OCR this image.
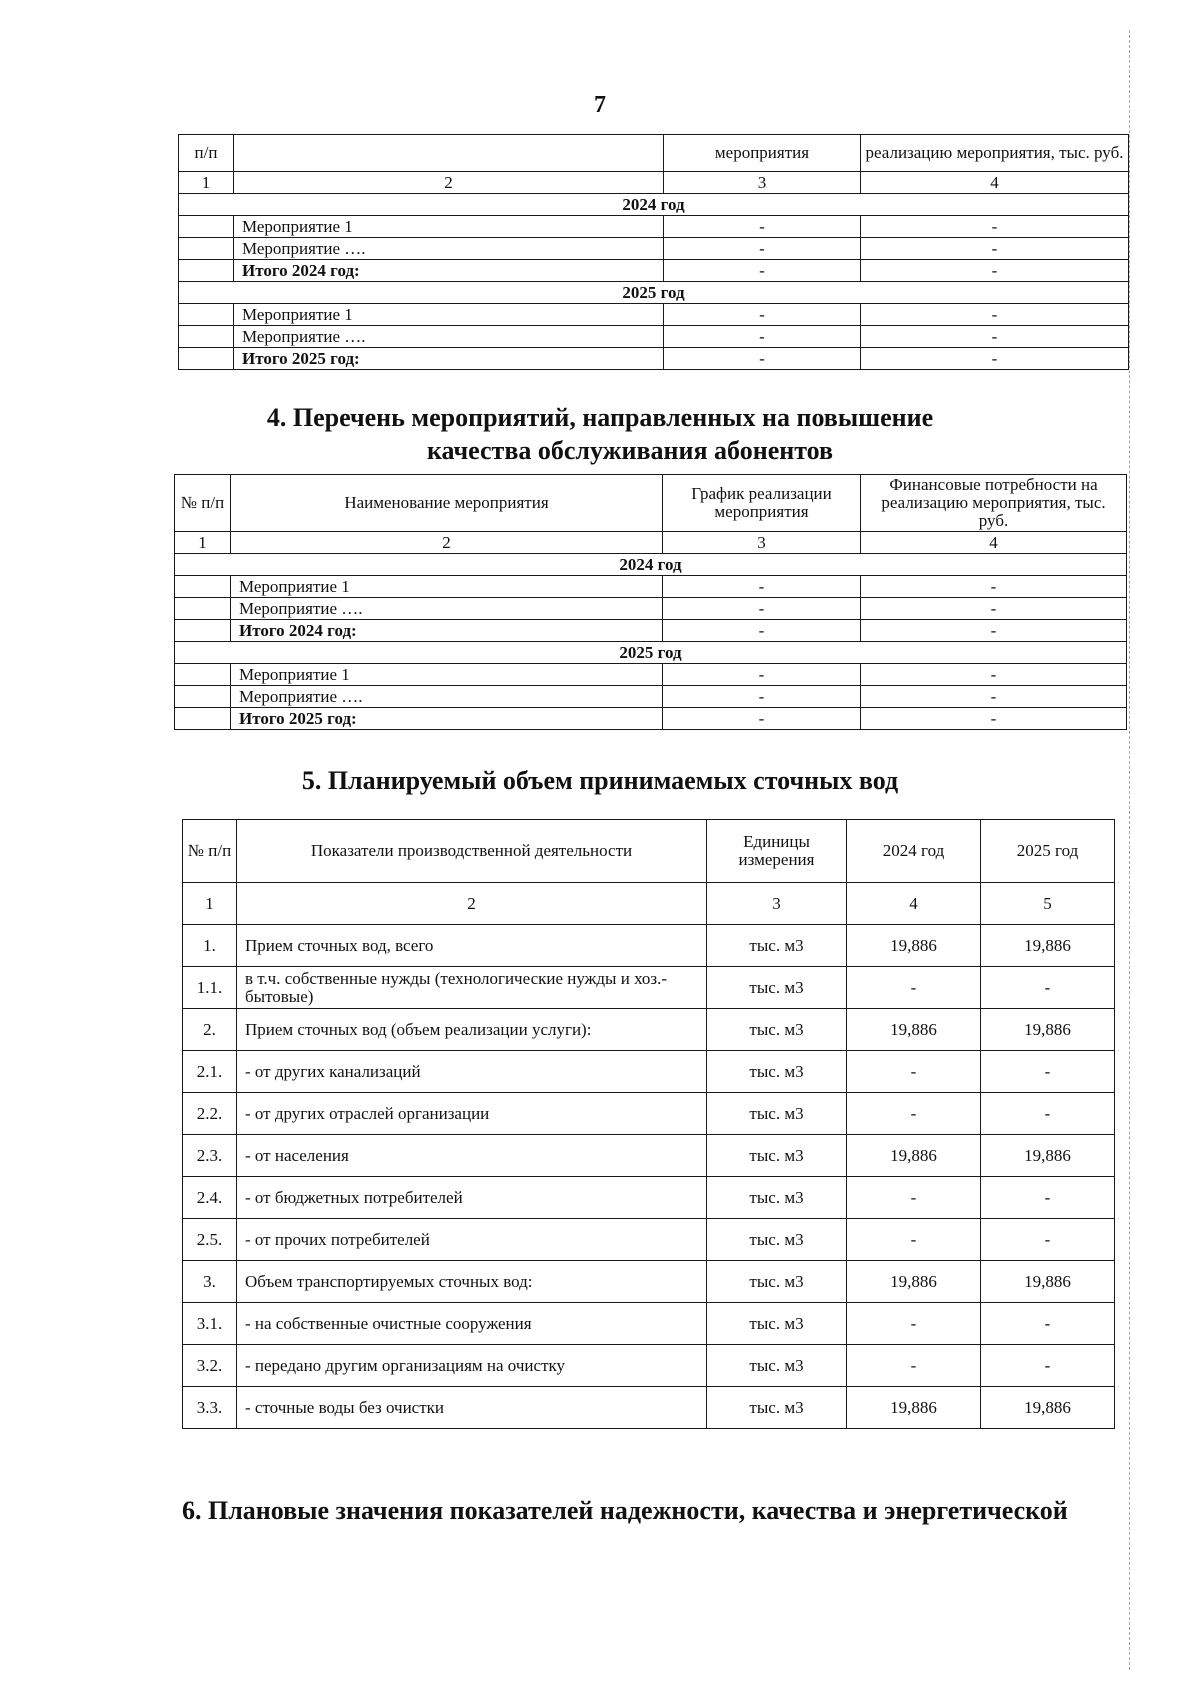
7
п/п		мероприятия	реализацию мероприятия, тыс. руб.
1	2	3	4
2024 год			
	Мероприятие 1	-	-
	Мероприятие ….	-	-
	Итого 2024 год:	-	-
2025 год			
	Мероприятие 1	-	-
	Мероприятие ….	-	-
	Итого 2025 год:	-	-
4. Перечень мероприятий, направленных на повышение
качества обслуживания абонентов
№ п/п	Наименование мероприятия	График реализации мероприятия	Финансовые потребности на реализацию мероприятия, тыс. руб.
1	2	3	4
2024 год			
	Мероприятие 1	-	-
	Мероприятие ….	-	-
	Итого 2024 год:	-	-
2025 год			
	Мероприятие 1	-	-
	Мероприятие ….	-	-
	Итого 2025 год:	-	-
5. Планируемый объем принимаемых сточных вод
№ п/п	Показатели производственной деятельности	Единицы измерения	2024 год	2025 год
1	2	3	4	5
1.	Прием сточных вод, всего	тыс. м3	19,886	19,886
1.1.	в т.ч. собственные нужды (технологические нужды и хоз.-бытовые)	тыс. м3	-	-
2.	Прием сточных вод (объем реализации услуги):	тыс. м3	19,886	19,886
2.1.	- от других канализаций	тыс. м3	-	-
2.2.	- от других отраслей организации	тыс. м3	-	-
2.3.	- от населения	тыс. м3	19,886	19,886
2.4.	- от бюджетных потребителей	тыс. м3	-	-
2.5.	- от прочих потребителей	тыс. м3	-	-
3.	Объем транспортируемых сточных вод:	тыс. м3	19,886	19,886
3.1.	- на собственные очистные сооружения	тыс. м3	-	-
3.2.	- передано другим организациям на очистку	тыс. м3	-	-
3.3.	- сточные воды без очистки	тыс. м3	19,886	19,886
6. Плановые значения показателей надежности, качества и энергетической
